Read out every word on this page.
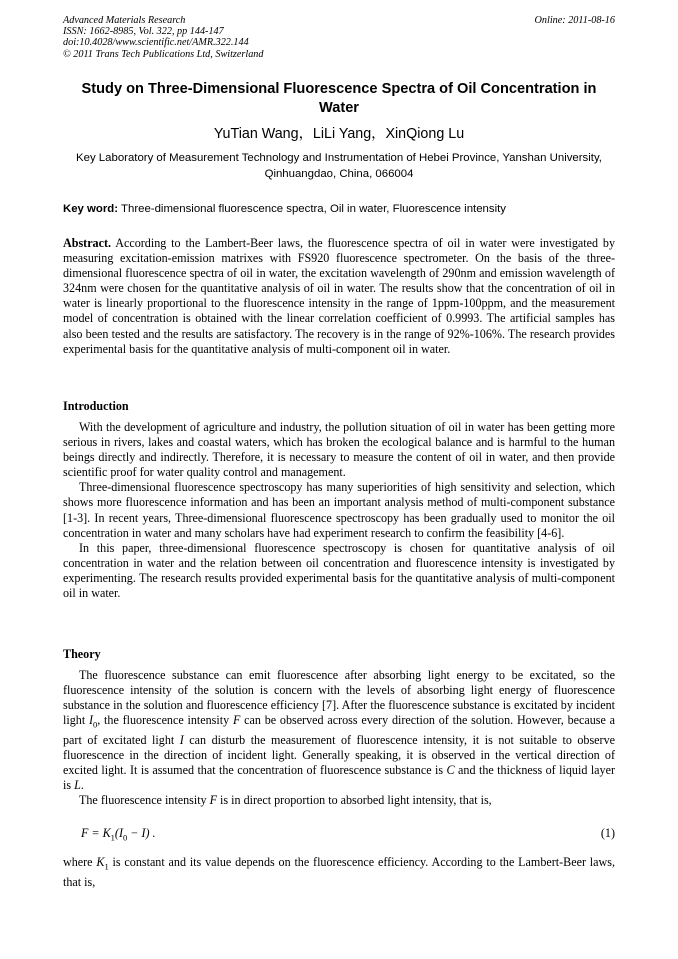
Advanced Materials Research
ISSN: 1662-8985, Vol. 322, pp 144-147
doi:10.4028/www.scientific.net/AMR.322.144
© 2011 Trans Tech Publications Ltd, Switzerland
Online: 2011-08-16
Study on Three-Dimensional Fluorescence Spectra of Oil Concentration in Water
YuTian Wang，LiLi Yang，XinQiong Lu
Key Laboratory of Measurement Technology and Instrumentation of Hebei Province, Yanshan University, Qinhuangdao, China, 066004
Key word: Three-dimensional fluorescence spectra, Oil in water, Fluorescence intensity

Abstract. According to the Lambert-Beer laws, the fluorescence spectra of oil in water were investigated by measuring excitation-emission matrixes with FS920 fluorescence spectrometer. On the basis of the three-dimensional fluorescence spectra of oil in water, the excitation wavelength of 290nm and emission wavelength of 324nm were chosen for the quantitative analysis of oil in water. The results show that the concentration of oil in water is linearly proportional to the fluorescence intensity in the range of 1ppm-100ppm, and the measurement model of concentration is obtained with the linear correlation coefficient of 0.9993. The artificial samples has also been tested and the results are satisfactory. The recovery is in the range of 92%-106%. The research provides experimental basis for the quantitative analysis of multi-component oil in water.

Introduction

With the development of agriculture and industry, the pollution situation of oil in water has been getting more serious in rivers, lakes and coastal waters, which has broken the ecological balance and is harmful to the human beings directly and indirectly. Therefore, it is necessary to measure the content of oil in water, and then provide scientific proof for water quality control and management.

Three-dimensional fluorescence spectroscopy has many superiorities of high sensitivity and selection, which shows more fluorescence information and has been an important analysis method of multi-component substance [1-3]. In recent years, Three-dimensional fluorescence spectroscopy has been gradually used to monitor the oil concentration in water and many scholars have had experiment research to confirm the feasibility [4-6].

In this paper, three-dimensional fluorescence spectroscopy is chosen for quantitative analysis of oil concentration in water and the relation between oil concentration and fluorescence intensity is investigated by experimenting. The research results provided experimental basis for the quantitative analysis of multi-component oil in water.

Theory

The fluorescence substance can emit fluorescence after absorbing light energy to be excitated, so the fluorescence intensity of the solution is concern with the levels of absorbing light energy of fluorescence substance in the solution and fluorescence efficiency [7]. After the fluorescence substance is excitated by incident light $I_0$, the fluorescence intensity F can be observed across every direction of the solution. However, because a part of excitated light I can disturb the measurement of fluorescence intensity, it is not suitable to observe fluorescence in the direction of incident light. Generally speaking, it is observed in the vertical direction of excited light. It is assumed that the concentration of fluorescence substance is C and the thickness of liquid layer is L.

The fluorescence intensity F is in direct proportion to absorbed light intensity, that is,

$F = K_1(I_0 - I)$ .	(1)

where $K_1$ is constant and its value depends on the fluorescence efficiency. According to the Lambert-Beer laws, that is,
